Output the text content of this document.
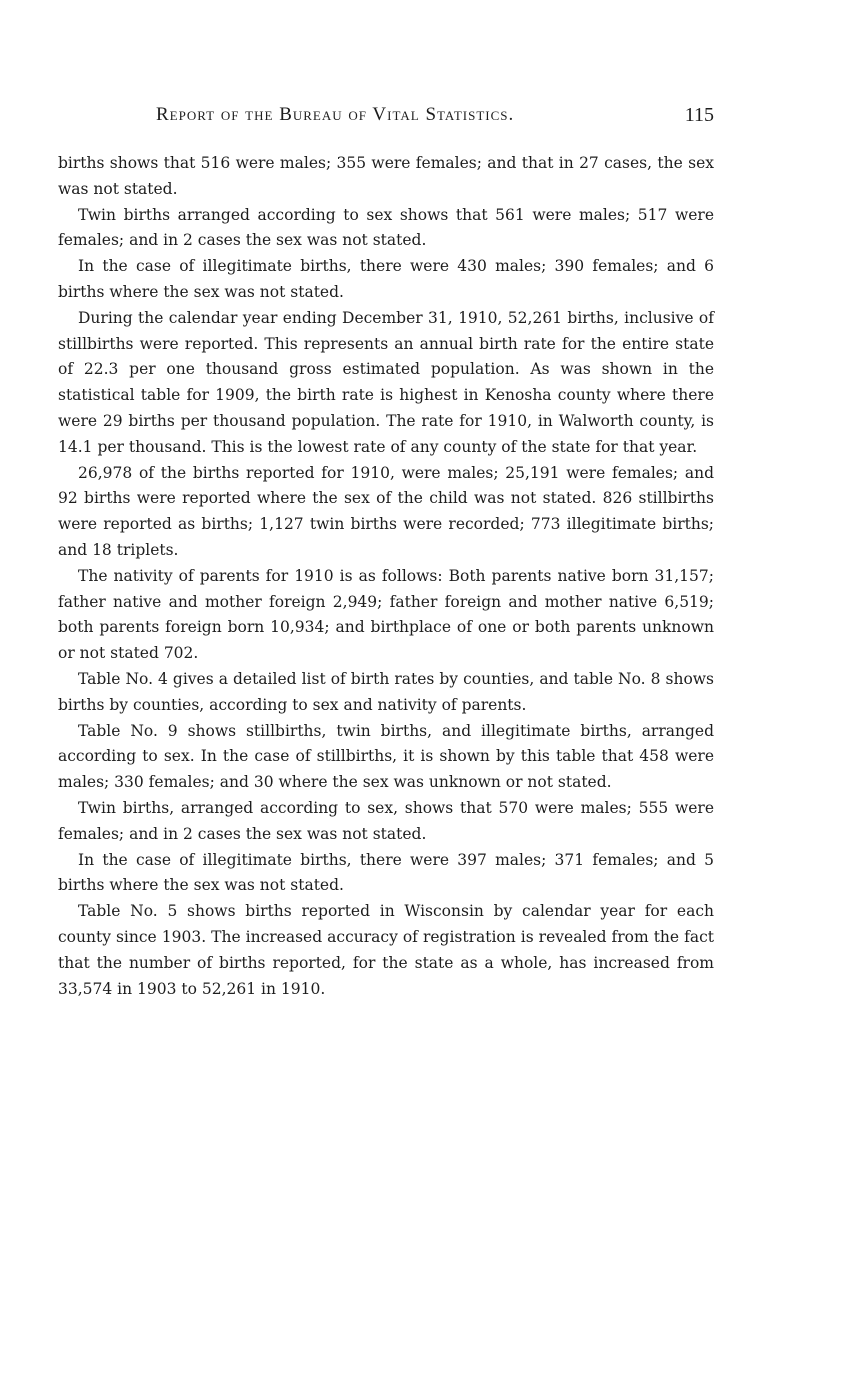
Report of the Bureau of Vital Statistics.	115

births shows that 516 were males; 355 were females; and that in 27 cases, the sex was not stated.

Twin births arranged according to sex shows that 561 were males; 517 were females; and in 2 cases the sex was not stated.

In the case of illegitimate births, there were 430 males; 390 females; and 6 births where the sex was not stated.

During the calendar year ending December 31, 1910, 52,261 births, inclusive of stillbirths were reported. This represents an annual birth rate for the entire state of 22.3 per one thousand gross estimated population. As was shown in the statistical table for 1909, the birth rate is highest in Kenosha county where there were 29 births per thousand population. The rate for 1910, in Walworth county, is 14.1 per thousand. This is the lowest rate of any county of the state for that year.

26,978 of the births reported for 1910, were males; 25,191 were females; and 92 births were reported where the sex of the child was not stated. 826 stillbirths were reported as births; 1,127 twin births were recorded; 773 illegitimate births; and 18 triplets.

The nativity of parents for 1910 is as follows: Both parents native born 31,157; father native and mother foreign 2,949; father foreign and mother native 6,519; both parents foreign born 10,934; and birthplace of one or both parents unknown or not stated 702.

Table No. 4 gives a detailed list of birth rates by counties, and table No. 8 shows births by counties, according to sex and nativity of parents.

Table No. 9 shows stillbirths, twin births, and illegitimate births, arranged according to sex. In the case of stillbirths, it is shown by this table that 458 were males; 330 females; and 30 where the sex was unknown or not stated.

Twin births, arranged according to sex, shows that 570 were males; 555 were females; and in 2 cases the sex was not stated.

In the case of illegitimate births, there were 397 males; 371 females; and 5 births where the sex was not stated.

Table No. 5 shows births reported in Wisconsin by calendar year for each county since 1903. The increased accuracy of registration is revealed from the fact that the number of births reported, for the state as a whole, has increased from 33,574 in 1903 to 52,261 in 1910.
